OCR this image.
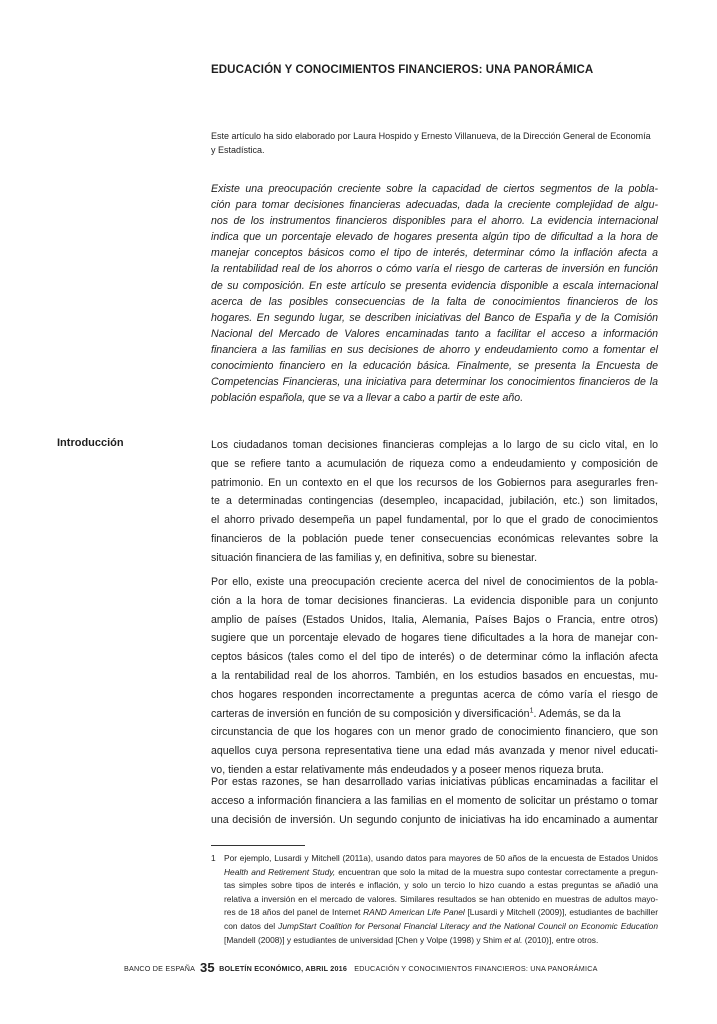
EDUCACIÓN Y CONOCIMIENTOS FINANCIEROS: UNA PANORÁMICA

Este artículo ha sido elaborado por Laura Hospido y Ernesto Villanueva, de la Dirección General de Economía
y Estadística.

Existe una preocupación creciente sobre la capacidad de ciertos segmentos de la pobla-
ción para tomar decisiones financieras adecuadas, dada la creciente complejidad de algu-
nos de los instrumentos financieros disponibles para el ahorro. La evidencia internacional
indica que un porcentaje elevado de hogares presenta algún tipo de dificultad a la hora de
manejar conceptos básicos como el tipo de interés, determinar cómo la inflación afecta a
la rentabilidad real de los ahorros o cómo varía el riesgo de carteras de inversión en función
de su composición. En este artículo se presenta evidencia disponible a escala internacional
acerca de las posibles consecuencias de la falta de conocimientos financieros de los
hogares. En segundo lugar, se describen iniciativas del Banco de España y de la Comisión
Nacional del Mercado de Valores encaminadas tanto a facilitar el acceso a información
financiera a las familias en sus decisiones de ahorro y endeudamiento como a fomentar el
conocimiento financiero en la educación básica. Finalmente, se presenta la Encuesta de
Competencias Financieras, una iniciativa para determinar los conocimientos financieros de la
población española, que se va a llevar a cabo a partir de este año.

Introducción	Los ciudadanos toman decisiones financieras complejas a lo largo de su ciclo vital, en lo
que se refiere tanto a acumulación de riqueza como a endeudamiento y composición de
patrimonio. En un contexto en el que los recursos de los Gobiernos para asegurarles fren-
te a determinadas contingencias (desempleo, incapacidad, jubilación, etc.) son limitados,
el ahorro privado desempeña un papel fundamental, por lo que el grado de conocimientos
financieros de la población puede tener consecuencias económicas relevantes sobre la
situación financiera de las familias y, en definitiva, sobre su bienestar.

Por ello, existe una preocupación creciente acerca del nivel de conocimientos de la pobla-
ción a la hora de tomar decisiones financieras. La evidencia disponible para un conjunto
amplio de países (Estados Unidos, Italia, Alemania, Países Bajos o Francia, entre otros)
sugiere que un porcentaje elevado de hogares tiene dificultades a la hora de manejar con-
ceptos básicos (tales como el del tipo de interés) o de determinar cómo la inflación afecta
a la rentabilidad real de los ahorros. También, en los estudios basados en encuestas, mu-
chos hogares responden incorrectamente a preguntas acerca de cómo varía el riesgo de
carteras de inversión en función de su composición y diversificación$^1$. Además, se da la
circunstancia de que los hogares con un menor grado de conocimiento financiero, que son
aquellos cuya persona representativa tiene una edad más avanzada y menor nivel educati-
vo, tienden a estar relativamente más endeudados y a poseer menos riqueza bruta.

Por estas razones, se han desarrollado varias iniciativas públicas encaminadas a facilitar el
acceso a información financiera a las familias en el momento de solicitar un préstamo o tomar
una decisión de inversión. Un segundo conjunto de iniciativas ha ido encaminado a aumentar

1 Por ejemplo, Lusardi y Mitchell (2011a), usando datos para mayores de 50 años de la encuesta de Estados Unidos
Health and Retirement Study, encuentran que solo la mitad de la muestra supo contestar correctamente a pregun-
tas simples sobre tipos de interés e inflación, y solo un tercio lo hizo cuando a estas preguntas se añadió una
relativa a inversión en el mercado de valores. Similares resultados se han obtenido en muestras de adultos mayo-
res de 18 años del panel de Internet RAND American Life Panel [Lusardi y Mitchell (2009)], estudiantes de bachiller
con datos del JumpStart Coalition for Personal Financial Literacy and the National Council on Economic Education
[Mandell (2008)] y estudiantes de universidad [Chen y Volpe (1998) y Shim et al. (2010)], entre otros.
BANCO DE ESPAÑA 35 BOLETÍN ECONÓMICO, ABRIL 2016 EDUCACIÓN Y CONOCIMIENTOS FINANCIEROS: UNA PANORÁMICA
